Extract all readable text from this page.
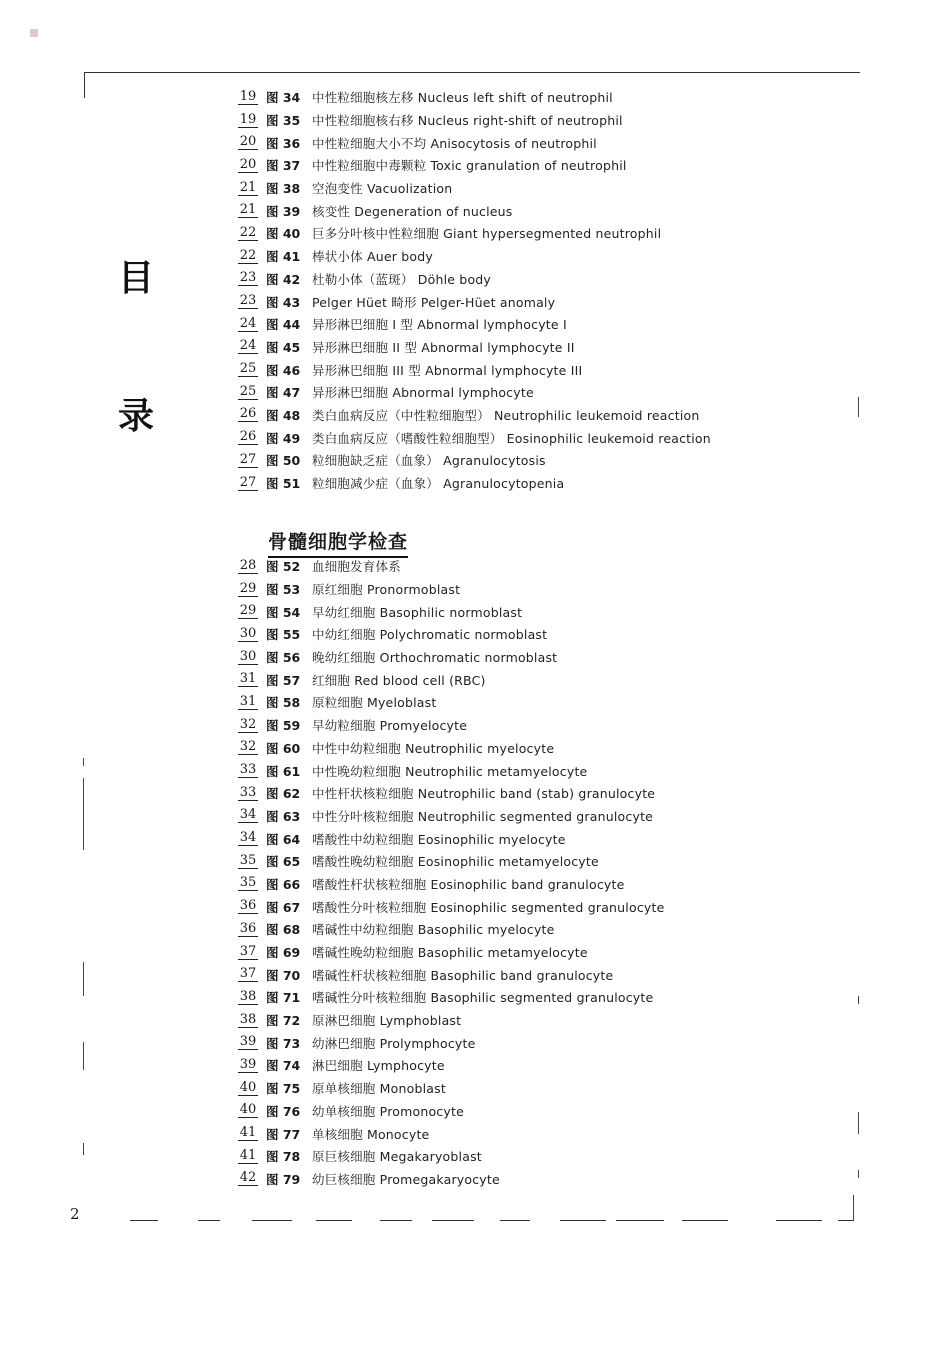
目
录
19 图 34 中性粒细胞核左移 Nucleus left shift of neutrophil
19 图 35 中性粒细胞核右移 Nucleus right-shift of neutrophil
20 图 36 中性粒细胞大小不均 Anisocytosis of neutrophil
20 图 37 中性粒细胞中毒颗粒 Toxic granulation of neutrophil
21 图 38 空泡变性 Vacuolization
21 图 39 核变性 Degeneration of nucleus
22 图 40 巨多分叶核中性粒细胞 Giant hypersegmented neutrophil
22 图 41 棒状小体 Auer body
23 图 42 杜勒小体（蓝斑） Döhle body
23 图 43 Pelger Hüet 畸形 Pelger-Hüet anomaly
24 图 44 异形淋巴细胞 I 型 Abnormal lymphocyte I
24 图 45 异形淋巴细胞 II 型 Abnormal lymphocyte II
25 图 46 异形淋巴细胞 III 型 Abnormal lymphocyte III
25 图 47 异形淋巴细胞 Abnormal lymphocyte
26 图 48 类白血病反应（中性粒细胞型） Neutrophilic leukemoid reaction
26 图 49 类白血病反应（嗜酸性粒细胞型） Eosinophilic leukemoid reaction
27 图 50 粒细胞缺乏症（血象） Agranulocytosis
27 图 51 粒细胞减少症（血象） Agranulocytopenia
骨髓细胞学检查
28 图 52 血细胞发育体系
29 图 53 原红细胞 Pronormoblast
29 图 54 早幼红细胞 Basophilic normoblast
30 图 55 中幼红细胞 Polychromatic normoblast
30 图 56 晚幼红细胞 Orthochromatic normoblast
31 图 57 红细胞 Red blood cell (RBC)
31 图 58 原粒细胞 Myeloblast
32 图 59 早幼粒细胞 Promyelocyte
32 图 60 中性中幼粒细胞 Neutrophilic myelocyte
33 图 61 中性晚幼粒细胞 Neutrophilic metamyelocyte
33 图 62 中性杆状核粒细胞 Neutrophilic band (stab) granulocyte
34 图 63 中性分叶核粒细胞 Neutrophilic segmented granulocyte
34 图 64 嗜酸性中幼粒细胞 Eosinophilic myelocyte
35 图 65 嗜酸性晚幼粒细胞 Eosinophilic metamyelocyte
35 图 66 嗜酸性杆状核粒细胞 Eosinophilic band granulocyte
36 图 67 嗜酸性分叶核粒细胞 Eosinophilic segmented granulocyte
36 图 68 嗜碱性中幼粒细胞 Basophilic myelocyte
37 图 69 嗜碱性晚幼粒细胞 Basophilic metamyelocyte
37 图 70 嗜碱性杆状核粒细胞 Basophilic band granulocyte
38 图 71 嗜碱性分叶核粒细胞 Basophilic segmented granulocyte
38 图 72 原淋巴细胞 Lymphoblast
39 图 73 幼淋巴细胞 Prolymphocyte
39 图 74 淋巴细胞 Lymphocyte
40 图 75 原单核细胞 Monoblast
40 图 76 幼单核细胞 Promonocyte
41 图 77 单核细胞 Monocyte
41 图 78 原巨核细胞 Megakaryoblast
42 图 79 幼巨核细胞 Promegakaryocyte
2
